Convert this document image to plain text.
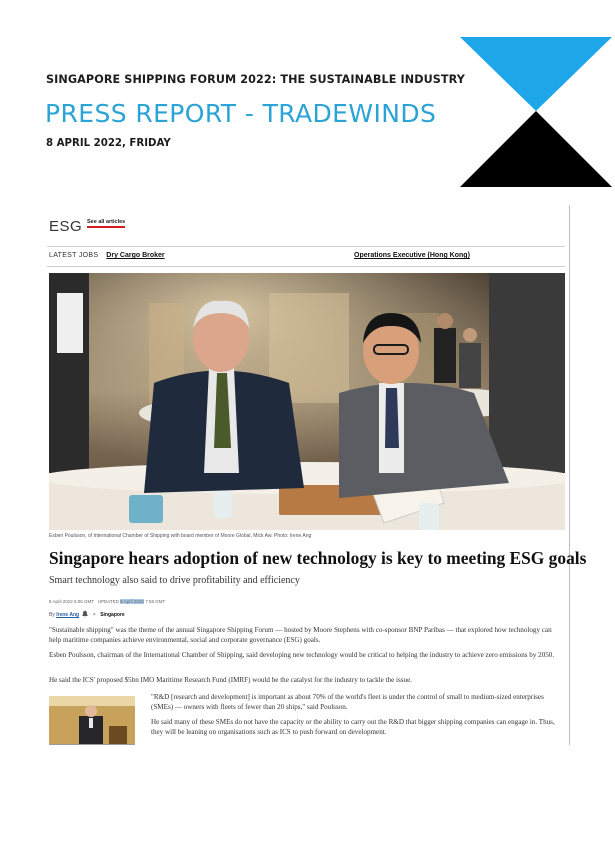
SINGAPORE SHIPPING FORUM 2022: THE SUSTAINABLE INDUSTRY
PRESS REPORT - TRADEWINDS
8 APRIL 2022, FRIDAY
ESG See all articles
LATEST JOBS Dry Cargo Broker	Operations Executive (Hong Kong)
Esben Poulsson, of International Chamber of Shipping with board member of Moore Global, Mick Aw. Photo: Irene Ang
Singapore hears adoption of new technology is key to meeting ESG goals
Smart technology also said to drive profitability and efficiency
8 April 2022 6:06 GMT UPDATED 8 April 2022 7:58 GMT
By Irene Ang	× Singapore

"Sustainable shipping" was the theme of the annual Singapore Shipping Forum — hosted by Moore Stephens with co-sponsor BNP Paribas — that explored how technology can help maritime companies achieve environmental, social and corporate governance (ESG) goals.

Esben Poulsson, chairman of the International Chamber of Shipping, said developing new technology would be critical to helping the industry to achieve zero emissions by 2050.

He said the ICS' proposed $5bn IMO Maritime Research Fund (IMRF) would be the catalyst for the industry to tackle the issue.

"R&D [research and development] is important as about 70% of the world's fleet is under the control of small to medium-sized enterprises (SMEs) — owners with fleets of fewer than 20 ships," said Poulsson.

He said many of these SMEs do not have the capacity or the ability to carry out the R&D that bigger shipping companies can engage in. Thus, they will be leaning on organisations such as ICS to push forward on development.
